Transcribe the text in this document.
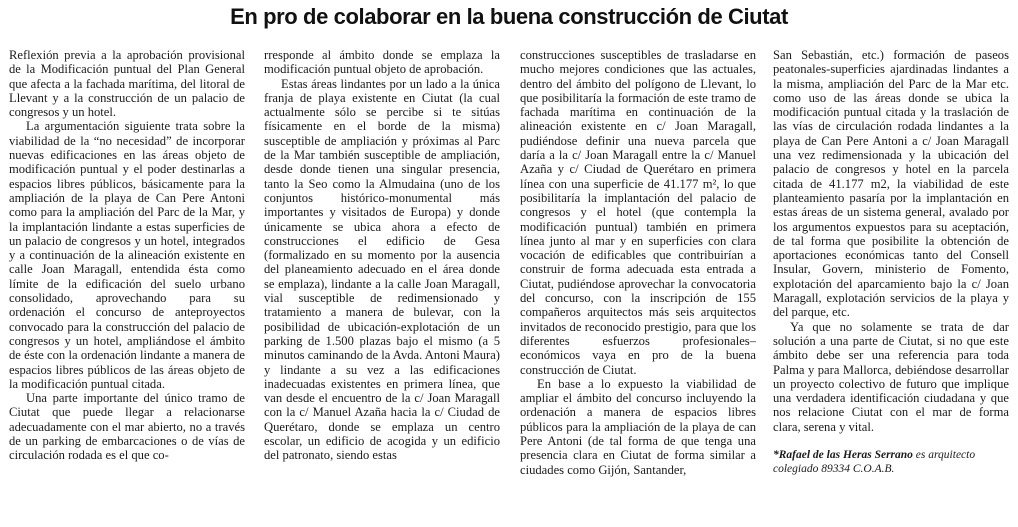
En pro de colaborar en la buena construcción de Ciutat

Reflexión previa a la aprobación provisional de la Modificación puntual del Plan General que afecta a la fachada marítima, del litoral de Llevant y a la construcción de un palacio de congresos y un hotel.

La argumentación siguiente trata sobre la viabilidad de la “no necesidad” de incorporar nuevas edificaciones en las áreas objeto de modificación puntual y el poder destinarlas a espacios libres públicos, básicamente para la ampliación de la playa de Can Pere Antoni como para la ampliación del Parc de la Mar, y la implantación lindante a estas superficies de un palacio de congresos y un hotel, integrados y a continuación de la alineación existente en calle Joan Maragall, entendida ésta como límite de la edificación del suelo urbano consolidado, aprovechando para su ordenación el concurso de anteproyectos convocado para la construcción del palacio de congresos y un hotel, ampliándose el ámbito de éste con la ordenación lindante a manera de espacios libres públicos de las áreas objeto de la modificación puntual citada.

Una parte importante del único tramo de Ciutat que puede llegar a relacionarse adecuadamente con el mar abierto, no a través de un parking de embarcaciones o de vías de circulación rodada es el que co-

rresponde al ámbito donde se emplaza la modificación puntual objeto de aprobación.

Estas áreas lindantes por un lado a la única franja de playa existente en Ciutat (la cual actualmente sólo se percibe si te sitúas físicamente en el borde de la misma) susceptible de ampliación y próximas al Parc de la Mar también susceptible de ampliación, desde donde tienen una singular presencia, tanto la Seo como la Almudaina (uno de los conjuntos histórico-monumental más importantes y visitados de Europa) y donde únicamente se ubica ahora a efecto de construcciones el edificio de Gesa (formalizado en su momento por la ausencia del planeamiento adecuado en el área donde se emplaza), lindante a la calle Joan Maragall, vial susceptible de redimensionado y tratamiento a manera de bulevar, con la posibilidad de ubicación-explotación de un parking de 1.500 plazas bajo el mismo (a 5 minutos caminando de la Avda. Antoni Maura) y lindante a su vez a las edificaciones inadecuadas existentes en primera línea, que van desde el encuentro de la c/ Joan Maragall con la c/ Manuel Azaña hacia la c/ Ciudad de Querétaro, donde se emplaza un centro escolar, un edificio de acogida y un edificio del patronato, siendo estas

construcciones susceptibles de trasladarse en mucho mejores condiciones que las actuales, dentro del ámbito del polígono de Llevant, lo que posibilitaría la formación de este tramo de fachada marítima en continuación de la alineación existente en c/ Joan Maragall, pudiéndose definir una nueva parcela que daría a la c/ Joan Maragall entre la c/ Manuel Azaña y c/ Ciudad de Querétaro en primera línea con una superficie de 41.177 m², lo que posibilitaría la implantación del palacio de congresos y el hotel (que contempla la modificación puntual) también en primera línea junto al mar y en superficies con clara vocación de edificables que contribuirían a construir de forma adecuada esta entrada a Ciutat, pudiéndose aprovechar la convocatoria del concurso, con la inscripción de 155 compañeros arquitectos más seis arquitectos invitados de reconocido prestigio, para que los diferentes esfuerzos profesionales–económicos vaya en pro de la buena construcción de Ciutat.

En base a lo expuesto la viabilidad de ampliar el ámbito del concurso incluyendo la ordenación a manera de espacios libres públicos para la ampliación de la playa de can Pere Antoni (de tal forma de que tenga una presencia clara en Ciutat de forma similar a ciudades como Gijón, Santander,

San Sebastián, etc.) formación de paseos peatonales-superficies ajardinadas lindantes a la misma, ampliación del Parc de la Mar etc. como uso de las áreas donde se ubica la modificación puntual citada y la traslación de las vías de circulación rodada lindantes a la playa de Can Pere Antoni a c/ Joan Maragall una vez redimensionada y la ubicación del palacio de congresos y hotel en la parcela citada de 41.177 m2, la viabilidad de este planteamiento pasaría por la implantación en estas áreas de un sistema general, avalado por los argumentos expuestos para su aceptación, de tal forma que posibilite la obtención de aportaciones económicas tanto del Consell Insular, Govern, ministerio de Fomento, explotación del aparcamiento bajo la c/ Joan Maragall, explotación servicios de la playa y del parque, etc.

Ya que no solamente se trata de dar solución a una parte de Ciutat, si no que este ámbito debe ser una referencia para toda Palma y para Mallorca, debiéndose desarrollar un proyecto colectivo de futuro que implique una verdadera identificación ciudadana y que nos relacione Ciutat con el mar de forma clara, serena y vital.

*Rafael de las Heras Serrano es arquitecto colegiado 89334 C.O.A.B.
